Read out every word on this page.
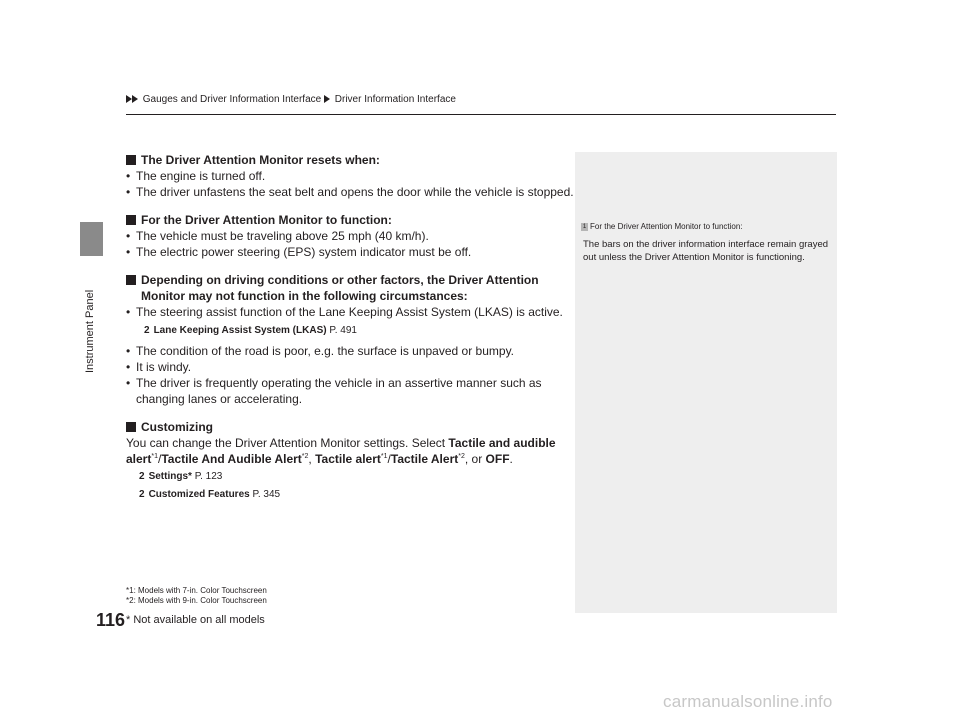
Instrument Panel
Gauges and Driver Information Interface Driver Information Interface

The Driver Attention Monitor resets when:

• The engine is turned off.

• The driver unfastens the seat belt and opens the door while the vehicle is stopped.

For the Driver Attention Monitor to function:

• The vehicle must be traveling above 25 mph (40 km/h).

• The electric power steering (EPS) system indicator must be off.

Depending on driving conditions or other factors, the Driver Attention
Monitor may not function in the following circumstances:

• The steering assist function of the Lane Keeping Assist System (LKAS) is active.

2 Lane Keeping Assist System (LKAS) P. 491

• The condition of the road is poor, e.g. the surface is unpaved or bumpy.

• It is windy.

• The driver is frequently operating the vehicle in an assertive manner such as
changing lanes or accelerating.

Customizing

You can change the Driver Attention Monitor settings. Select Tactile and audible
alert$^{*1}$/Tactile And Audible Alert$^{*2}$, Tactile alert$^{*1}$/Tactile Alert$^{*2}$, or OFF.

2 Settings* P. 123

2 Customized Features P. 345

*1: Models with 7-in. Color Touchscreen
*2: Models with 9-in. Color Touchscreen
1 For the Driver Attention Monitor to function:
The bars on the driver information interface remain grayed out unless the Driver Attention Monitor is functioning.
116 * Not available on all models
carmanualsonline.info
